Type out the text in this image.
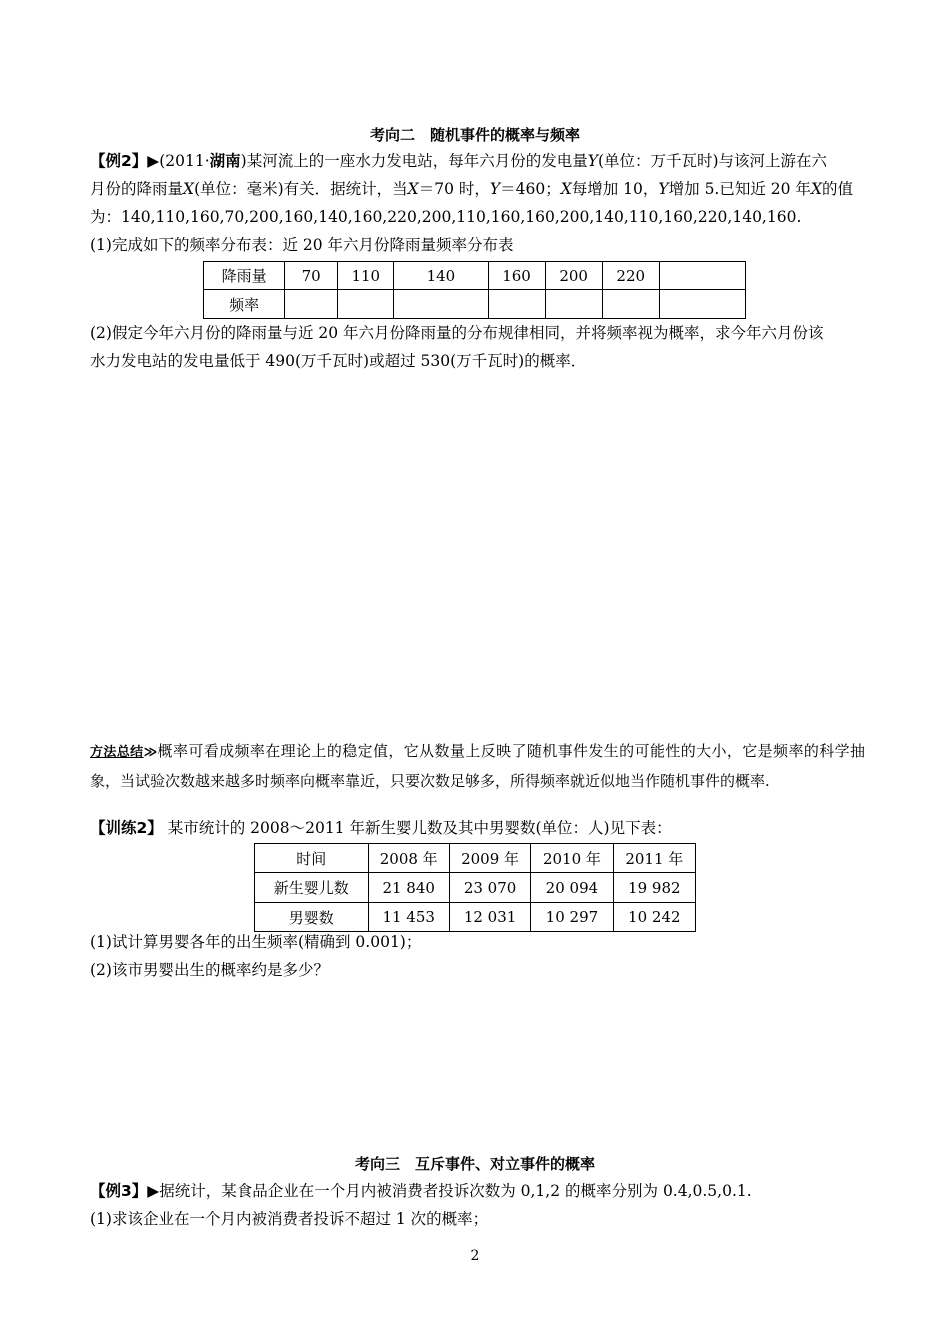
考向二　随机事件的概率与频率
【例2】▶(2011·湖南)某河流上的一座水力发电站，每年六月份的发电量Y(单位：万千瓦时)与该河上游在六
月份的降雨量X(单位：毫米)有关．据统计，当X＝70 时，Y＝460；X每增加 10，Y增加 5.已知近 20 年X的值
为：140,110,160,70,200,160,140,160,220,200,110,160,160,200,140,110,160,220,140,160.
(1)完成如下的频率分布表：近 20 年六月份降雨量频率分布表
降雨量	70	110	140	160	200	220	
频率							
(2)假定今年六月份的降雨量与近 20 年六月份降雨量的分布规律相同，并将频率视为概率，求今年六月份该
水力发电站的发电量低于 490(万千瓦时)或超过 530(万千瓦时)的概率．
方法总结≫概率可看成频率在理论上的稳定值，它从数量上反映了随机事件发生的可能性的大小，它是频率的科学抽象，当试验次数越来越多时频率向概率靠近，只要次数足够多，所得频率就近似地当作随机事件的概率.
【训练2】 某市统计的 2008～2011 年新生婴儿数及其中男婴数(单位：人)见下表：
时间	2008 年	2009 年	2010 年	2011 年
新生婴儿数	21 840	23 070	20 094	19 982
男婴数	11 453	12 031	10 297	10 242
(1)试计算男婴各年的出生频率(精确到 0.001)；
(2)该市男婴出生的概率约是多少？
考向三　互斥事件、对立事件的概率
【例3】▶据统计，某食品企业在一个月内被消费者投诉次数为 0,1,2 的概率分别为 0.4,0.5,0.1.
(1)求该企业在一个月内被消费者投诉不超过 1 次的概率；
2
